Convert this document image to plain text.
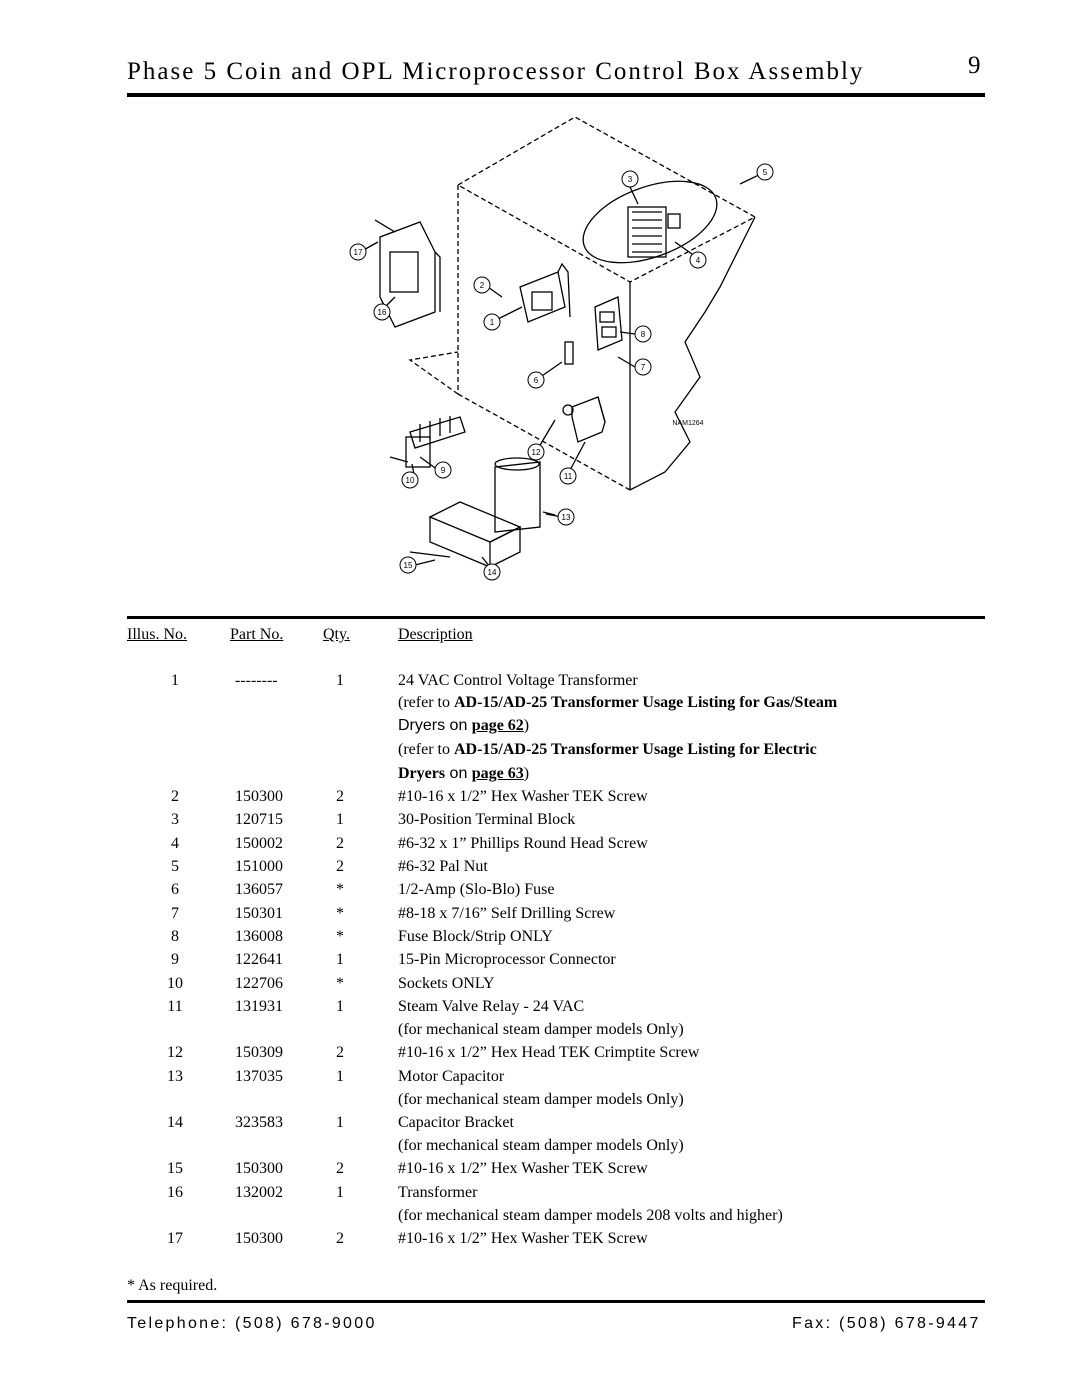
Phase 5 Coin and OPL Microprocessor Control Box Assembly	9
3
4
5
8
7
6
2
1
17
16
12
11
10
9
13
14
15
NAM1264
Illus. No.	Part No. Qty.	Description
1	--------	1	24 VAC Control Voltage Transformer
(refer to AD-15/AD-25 Transformer Usage Listing for Gas/Steam
Dryers on page 62)
(refer to AD-15/AD-25 Transformer Usage Listing for Electric
Dryers on page 63)
2	150300	2	#10-16 x 1/2” Hex Washer TEK Screw
3	120715	1	30-Position Terminal Block
4	150002	2	#6-32 x 1” Phillips Round Head Screw
5	151000	2	#6-32 Pal Nut
6	136057	*	1/2-Amp (Slo-Blo) Fuse
7	150301	*	#8-18 x 7/16” Self Drilling Screw
8	136008	*	Fuse Block/Strip ONLY
9	122641	1	15-Pin Microprocessor Connector
10	122706	*	Sockets ONLY
11	131931	1	Steam Valve Relay - 24 VAC
(for mechanical steam damper models Only)
12	150309	2	#10-16 x 1/2” Hex Head TEK Crimptite Screw
13	137035	1	Motor Capacitor
(for mechanical steam damper models Only)
14	323583	1	Capacitor Bracket
(for mechanical steam damper models Only)
15	150300	2	#10-16 x 1/2” Hex Washer TEK Screw
16	132002	1	Transformer
(for mechanical steam damper models 208 volts and higher)
17	150300	2	#10-16 x 1/2” Hex Washer TEK Screw
* As required.
Telephone: (508) 678-9000	Fax: (508) 678-9447
